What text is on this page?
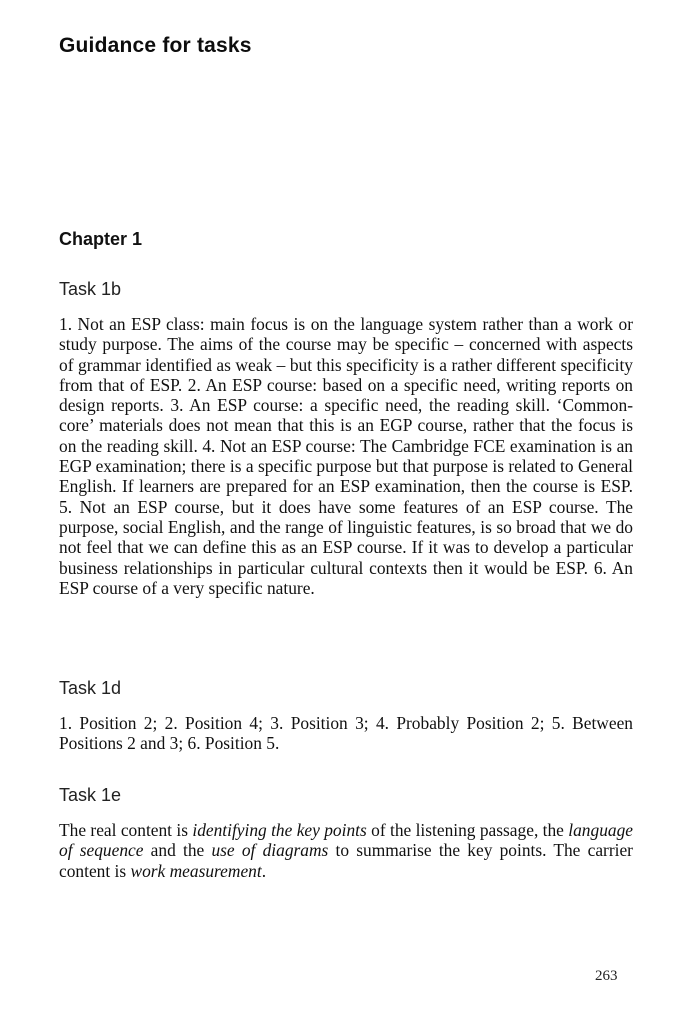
Guidance for tasks
Chapter 1
Task 1b

1. Not an ESP class: main focus is on the language system rather than a work or study purpose. The aims of the course may be specific – concerned with aspects of grammar identified as weak – but this specificity is a rather different specificity from that of ESP. 2. An ESP course: based on a specific need, writing reports on design reports. 3. An ESP course: a specific need, the reading skill. ‘Common-core’ materials does not mean that this is an EGP course, rather that the focus is on the reading skill. 4. Not an ESP course: The Cambridge FCE examination is an EGP examination; there is a specific purpose but that purpose is related to General English. If learners are prepared for an ESP examination, then the course is ESP. 5. Not an ESP course, but it does have some features of an ESP course. The purpose, social English, and the range of linguistic features, is so broad that we do not feel that we can define this as an ESP course. If it was to develop a particular business relationships in particular cultural contexts then it would be ESP. 6. An ESP course of a very specific nature.

Task 1d

1. Position 2; 2. Position 4; 3. Position 3; 4. Probably Position 2; 5. Between Positions 2 and 3; 6. Position 5.

Task 1e

The real content is identifying the key points of the listening passage, the language of sequence and the use of diagrams to summarise the key points. The carrier content is work measurement.

263
